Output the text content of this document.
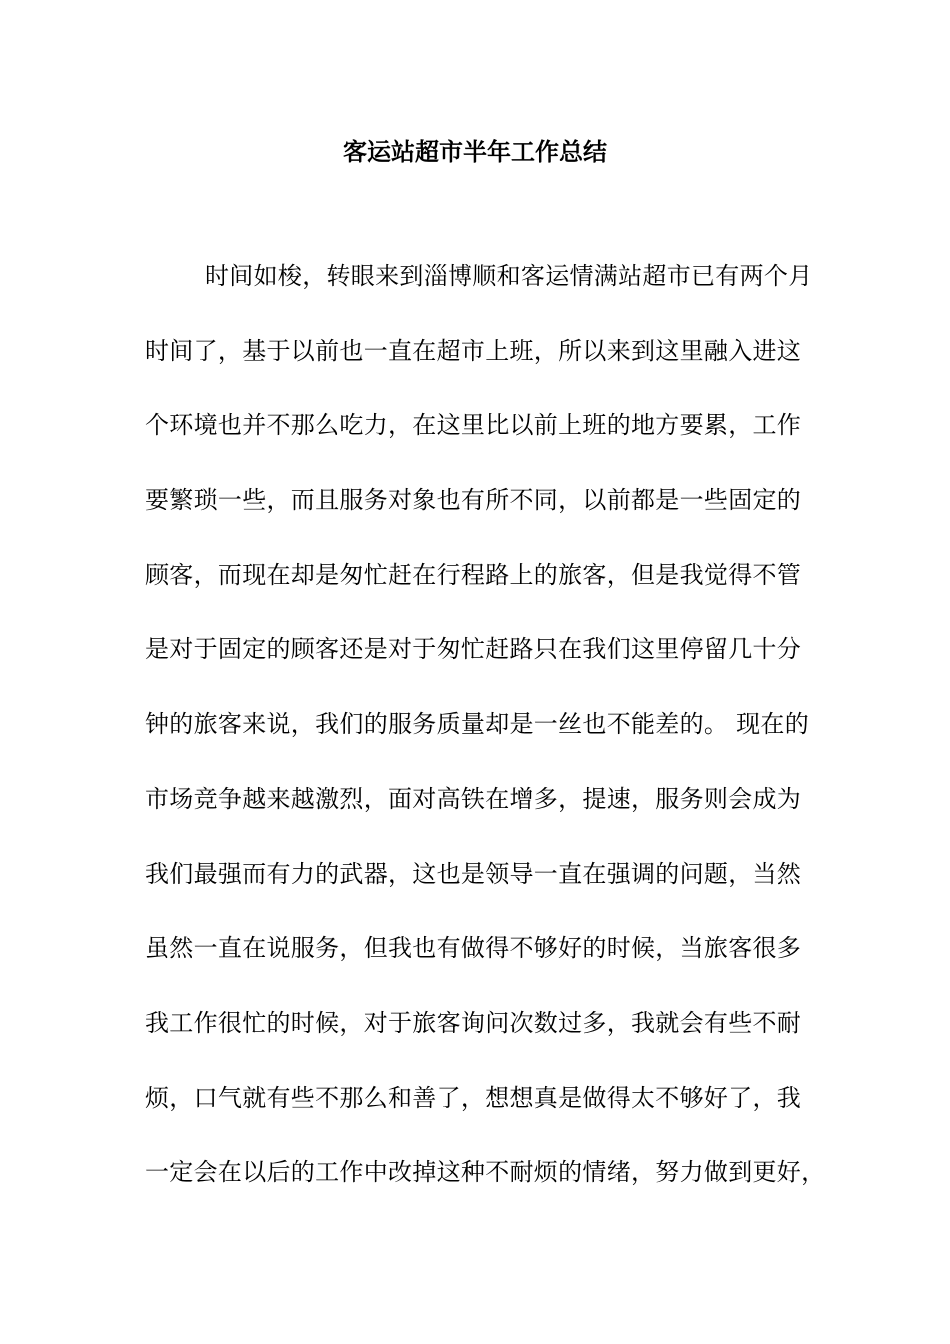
客运站超市半年工作总结
时间如梭，转眼来到淄博顺和客运情满站超市已有两个月
时间了，基于以前也一直在超市上班，所以来到这里融入进这
个环境也并不那么吃力，在这里比以前上班的地方要累，工作
要繁琐一些，而且服务对象也有所不同，以前都是一些固定的
顾客，而现在却是匆忙赶在行程路上的旅客，但是我觉得不管
是对于固定的顾客还是对于匆忙赶路只在我们这里停留几十分
钟的旅客来说，我们的服务质量却是一丝也不能差的。 现在的
市场竞争越来越激烈，面对高铁在增多，提速，服务则会成为
我们最强而有力的武器，这也是领导一直在强调的问题，当然
虽然一直在说服务，但我也有做得不够好的时候，当旅客很多
我工作很忙的时候，对于旅客询问次数过多，我就会有些不耐
烦，口气就有些不那么和善了，想想真是做得太不够好了，我
一定会在以后的工作中改掉这种不耐烦的情绪，努力做到更好，
